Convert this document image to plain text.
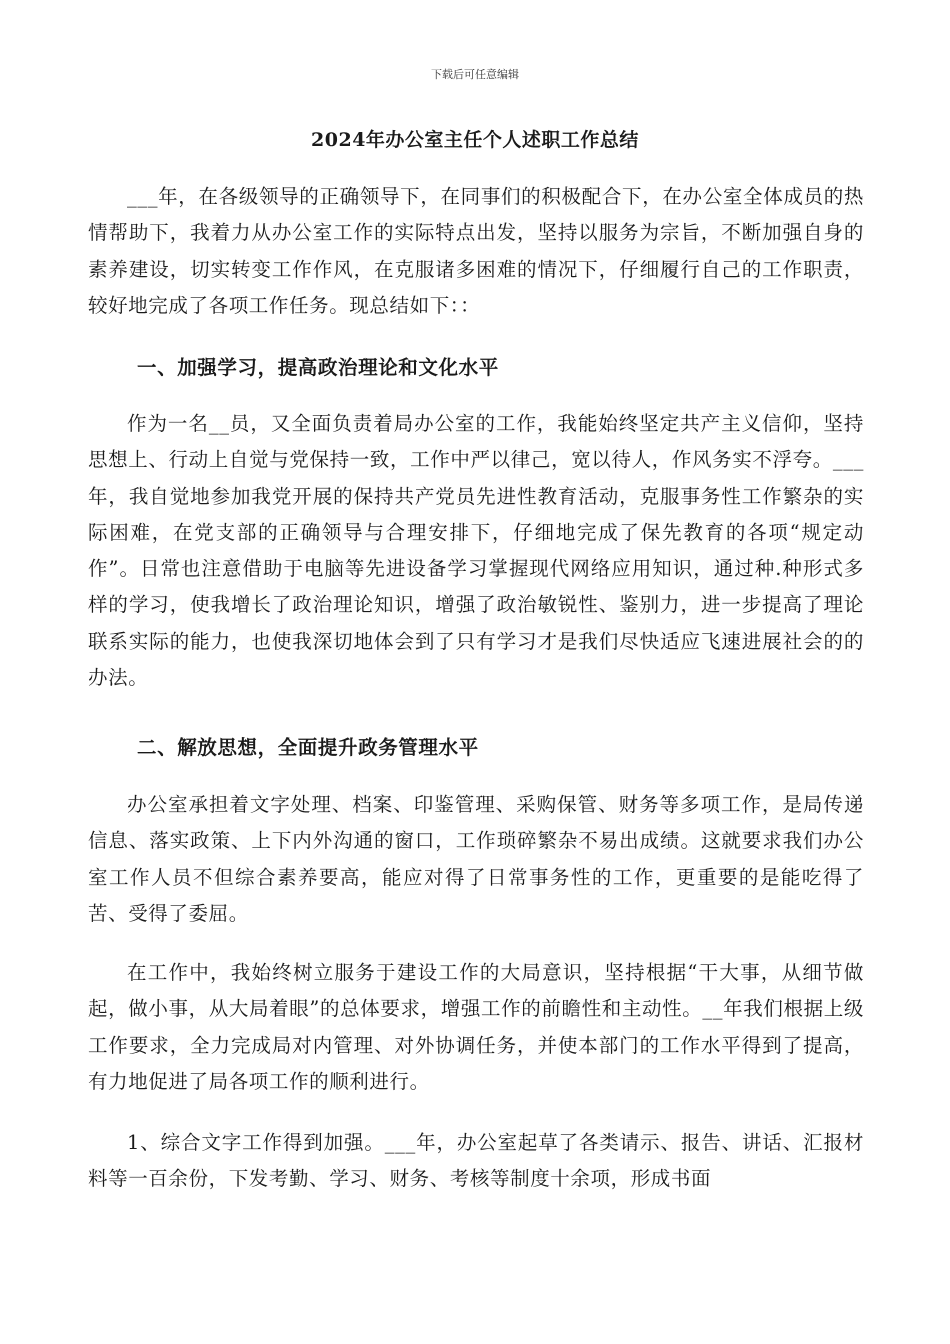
下载后可任意编辑
2024年办公室主任个人述职工作总结

___年，在各级领导的正确领导下，在同事们的积极配合下，在办公室全体成员的热情帮助下，我着力从办公室工作的实际特点出发，坚持以服务为宗旨，不断加强自身的素养建设，切实转变工作作风，在克服诸多困难的情况下，仔细履行自己的工作职责，较好地完成了各项工作任务。现总结如下：：

一、加强学习，提高政治理论和文化水平

作为一名__员，又全面负责着局办公室的工作，我能始终坚定共产主义信仰，坚持思想上、行动上自觉与党保持一致，工作中严以律己，宽以待人，作风务实不浮夸。___年，我自觉地参加我党开展的保持共产党员先进性教育活动，克服事务性工作繁杂的实际困难，在党支部的正确领导与合理安排下，仔细地完成了保先教育的各项“规定动作”。日常也注意借助于电脑等先进设备学习掌握现代网络应用知识，通过种.种形式多样的学习，使我增长了政治理论知识，增强了政治敏锐性、鉴别力，进一步提高了理论联系实际的能力，也使我深切地体会到了只有学习才是我们尽快适应飞速进展社会的的办法。

二、解放思想，全面提升政务管理水平

办公室承担着文字处理、档案、印鉴管理、采购保管、财务等多项工作，是局传递信息、落实政策、上下内外沟通的窗口，工作琐碎繁杂不易出成绩。这就要求我们办公室工作人员不但综合素养要高，能应对得了日常事务性的工作，更重要的是能吃得了苦、受得了委屈。

在工作中，我始终树立服务于建设工作的大局意识，坚持根据“干大事，从细节做起，做小事，从大局着眼”的总体要求，增强工作的前瞻性和主动性。__年我们根据上级工作要求，全力完成局对内管理、对外协调任务，并使本部门的工作水平得到了提高，有力地促进了局各项工作的顺利进行。

1、综合文字工作得到加强。___年，办公室起草了各类请示、报告、讲话、汇报材料等一百余份，下发考勤、学习、财务、考核等制度十余项，形成书面
